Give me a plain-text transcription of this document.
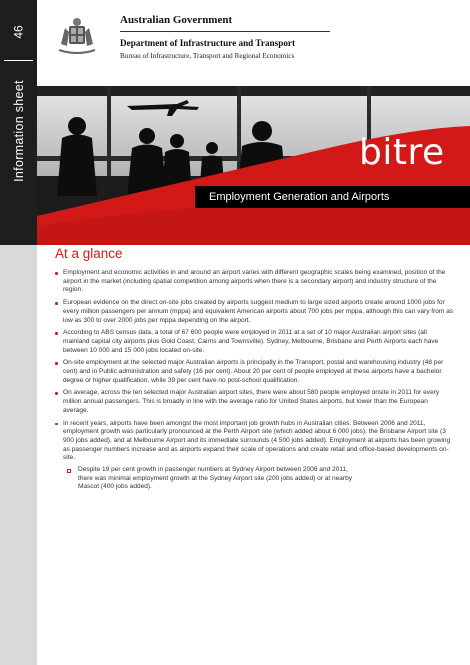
46
Information sheet
Australian Government
Department of Infrastructure and Transport
Bureau of Infrastructure, Transport and Regional Economics
bitre
Employment Generation and Airports
At a glance
Employment and economic activities in and around an airport varies with different geographic scales being examined, position of the airport in the market (including spatial competition among airports when there is a secondary airport) and industry structure of the region.
European evidence on the direct on-site jobs created by airports suggest medium to large sized airports create around 1000 jobs for every million passengers per annum (mppa) and equivalent American airports about 700 jobs per mppa, although this can vary from as low as 300 to over 2000 jobs per mppa depending on the airport.
According to ABS census data, a total of 67 600 people were employed in 2011 at a set of 10 major Australian airport sites (all mainland capital city airports plus Gold Coast, Cairns and Townsville). Sydney, Melbourne, Brisbane and Perth Airports each have between 10 000 and 15 000 jobs located on-site.
On-site employment at the selected major Australian airports is principally in the Transport, postal and warehousing industry (48 per cent) and in Public administration and safety (16 per cent). About 20 per cent of people employed at these airports have a bachelor degree or higher qualification, while 39 per cent have no post-school qualification.
On average, across the ten selected major Australian airport sites, there were about 580 people employed onsite in 2011 for every million annual passengers. This is broadly in line with the average ratio for United States airports, but lower than the European average.
In recent years, airports have been amongst the most important job growth hubs in Australian cities. Between 2006 and 2011, employment growth was particularly pronounced at the Perth Airport site (which added about 6 000 jobs), the Brisbane Airport site (3 900 jobs added), and at Melbourne Airport and its immediate surrounds (4 500 jobs added). Employment at airports has been growing as passenger numbers increase and as airports expand their scale of operations and create retail and office-based developments on-site.
Despite 19 per cent growth in passenger numbers at Sydney Airport between 2006 and 2011, there was minimal employment growth at the Sydney Airport site (200 jobs added) or at nearby Mascot (400 jobs added).
